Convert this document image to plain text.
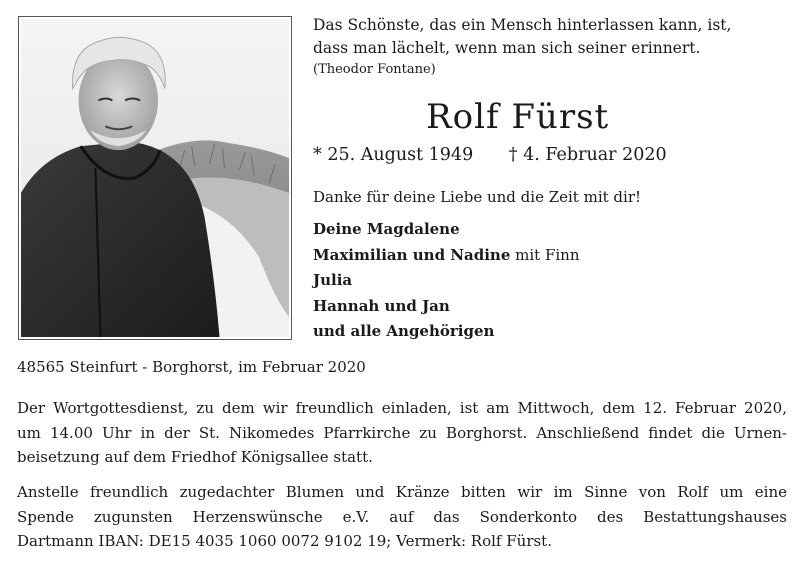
Das Schönste, das ein Mensch hinterlassen kann, ist,
dass man lächelt, wenn man sich seiner erinnert.
(Theodor Fontane)
Rolf Fürst
* 25. August 1949 † 4. Februar 2020
Danke für deine Liebe und die Zeit mit dir!
Deine Magdalene
Maximilian und Nadine mit Finn
Julia
Hannah und Jan
und alle Angehörigen
48565 Steinfurt - Borghorst, im Februar 2020
Der Wortgottesdienst, zu dem wir freundlich einladen, ist am Mittwoch, dem 12. Februar 2020,
um 14.00 Uhr in der St. Nikomedes Pfarrkirche zu Borghorst. Anschließend findet die Urnen-
beisetzung auf dem Friedhof Königsallee statt.
Anstelle freundlich zugedachter Blumen und Kränze bitten wir im Sinne von Rolf um eine
Spende zugunsten Herzenswünsche e.V. auf das Sonderkonto des Bestattungshauses
Dartmann IBAN: DE15 4035 1060 0072 9102 19; Vermerk: Rolf Fürst.
